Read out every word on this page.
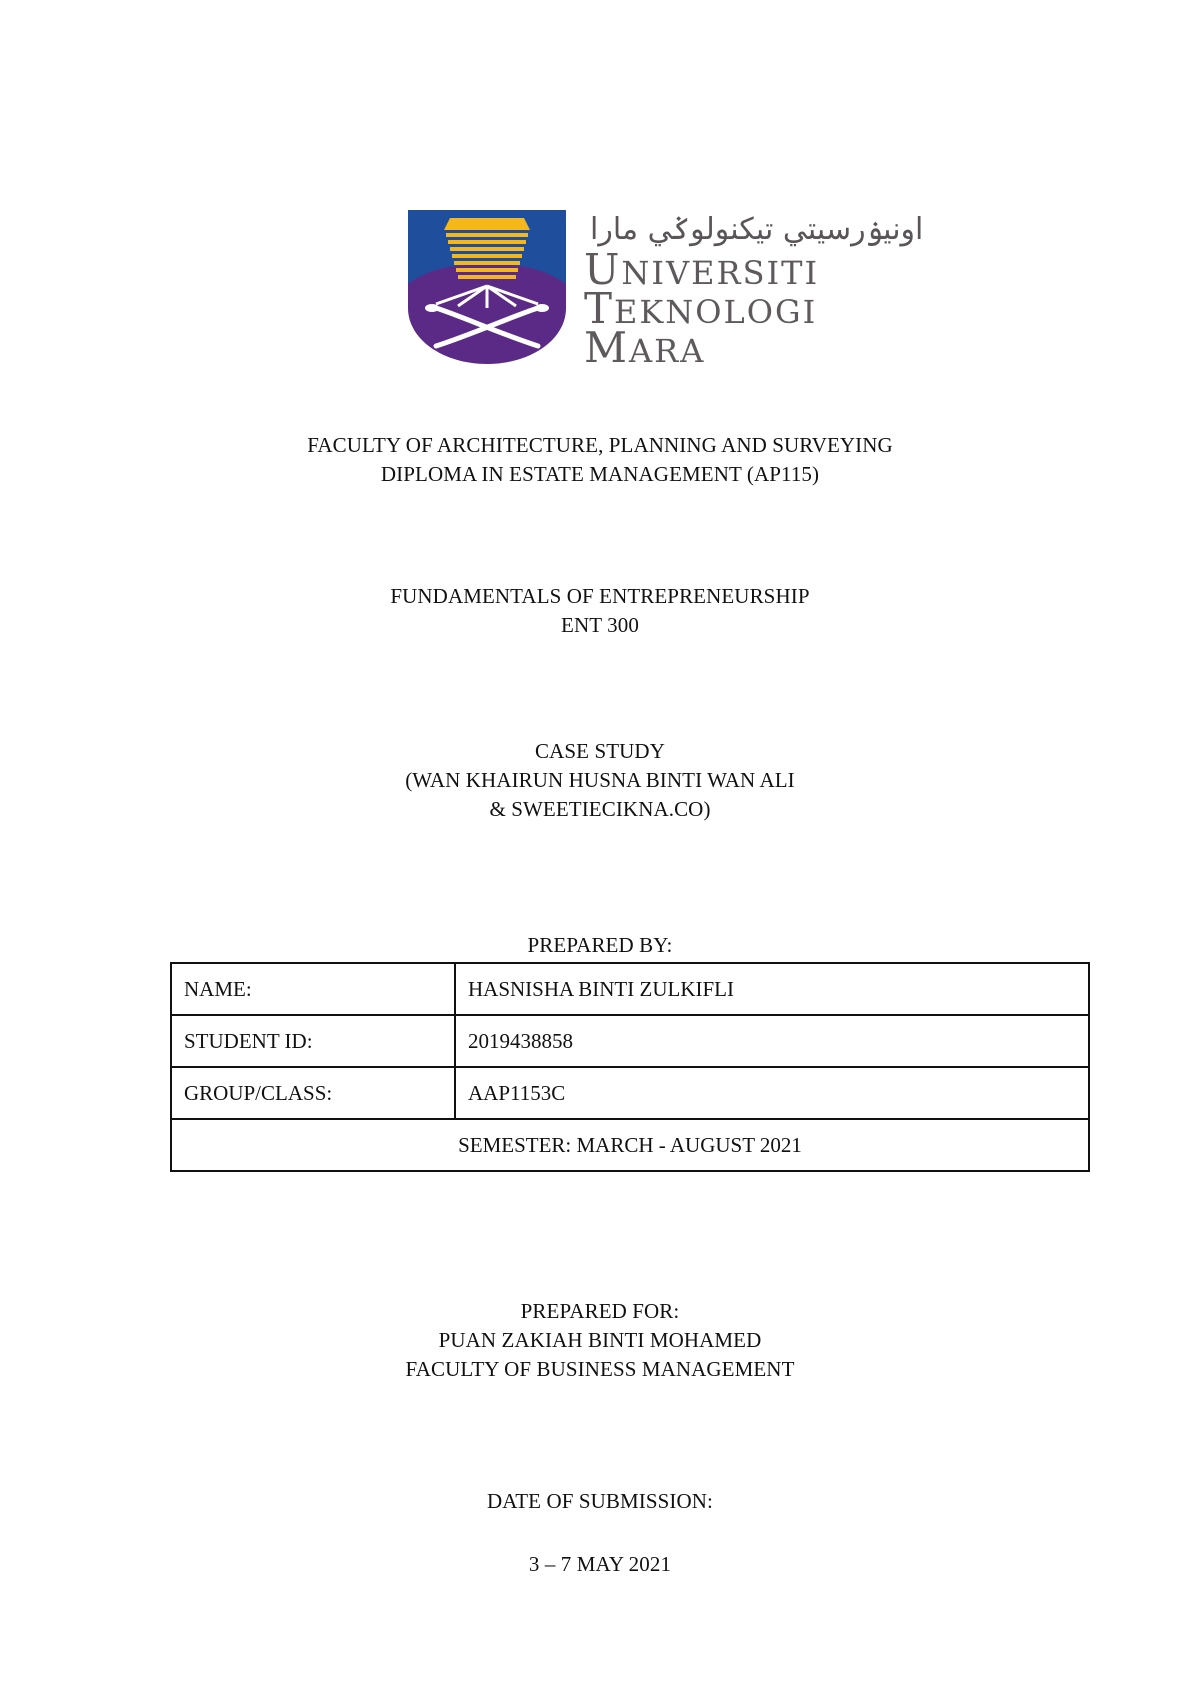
اونيۏرسيتي تيكنولوݢي مارا
UNIVERSITI
TEKNOLOGI
MARA
FACULTY OF ARCHITECTURE, PLANNING AND SURVEYING
DIPLOMA IN ESTATE MANAGEMENT (AP115)
FUNDAMENTALS OF ENTREPRENEURSHIP
ENT 300
CASE STUDY
(WAN KHAIRUN HUSNA BINTI WAN ALI
& SWEETIECIKNA.CO)
PREPARED BY:
NAME:	HASNISHA BINTI ZULKIFLI
STUDENT ID:	2019438858
GROUP/CLASS:	AAP1153C
SEMESTER: MARCH - AUGUST 2021	
PREPARED FOR:
PUAN ZAKIAH BINTI MOHAMED
FACULTY OF BUSINESS MANAGEMENT
DATE OF SUBMISSION:
3 – 7 MAY 2021
